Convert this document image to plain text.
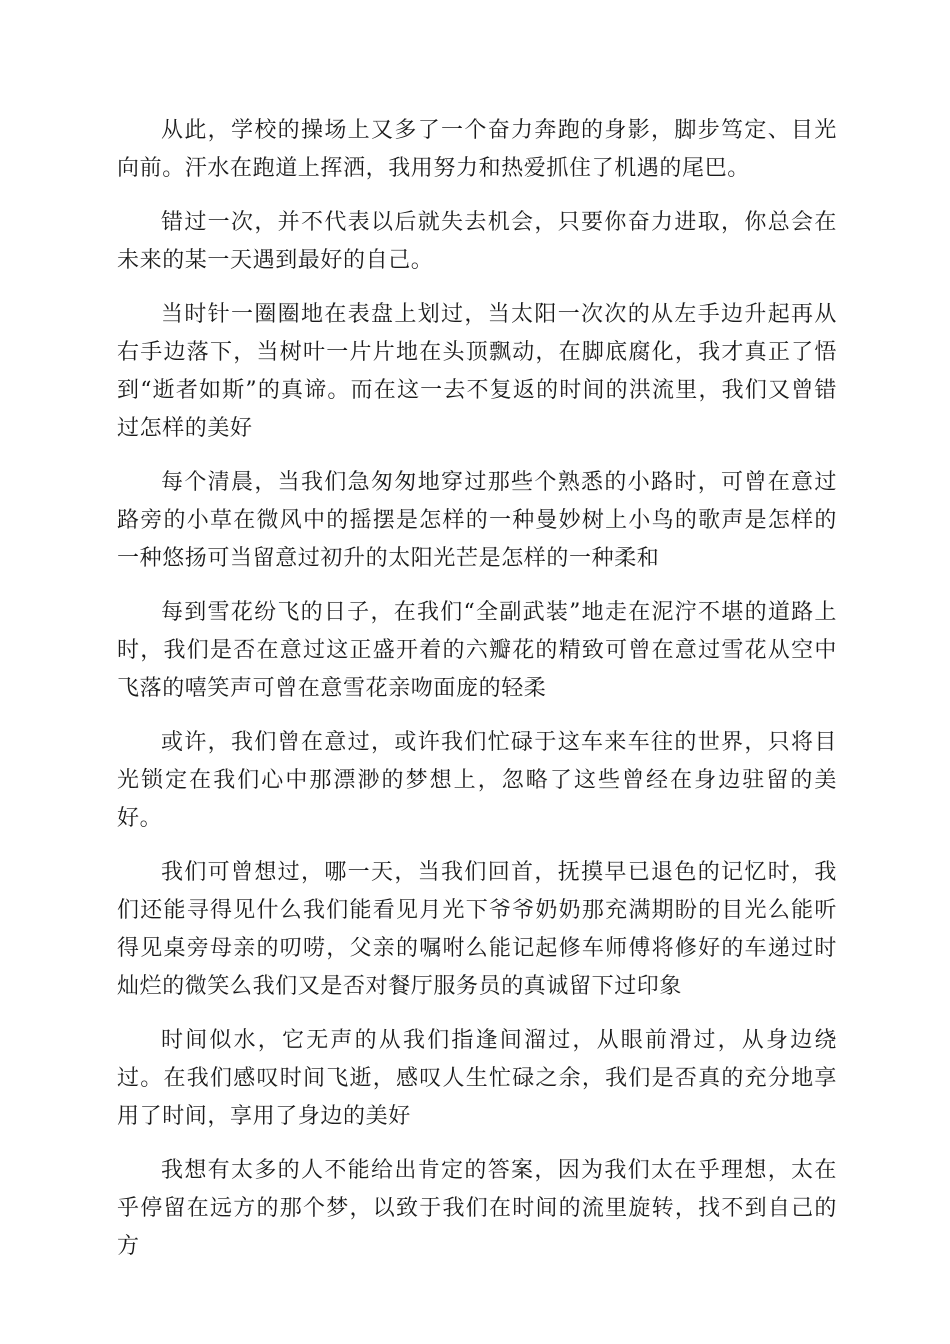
从此，学校的操场上又多了一个奋力奔跑的身影，脚步笃定、目光向前。汗水在跑道上挥洒，我用努力和热爱抓住了机遇的尾巴。

错过一次，并不代表以后就失去机会，只要你奋力进取，你总会在未来的某一天遇到最好的自己。

当时针一圈圈地在表盘上划过，当太阳一次次的从左手边升起再从右手边落下，当树叶一片片地在头顶飘动，在脚底腐化，我才真正了悟到“逝者如斯”的真谛。而在这一去不复返的时间的洪流里，我们又曾错过怎样的美好

每个清晨，当我们急匆匆地穿过那些个熟悉的小路时，可曾在意过路旁的小草在微风中的摇摆是怎样的一种曼妙树上小鸟的歌声是怎样的一种悠扬可当留意过初升的太阳光芒是怎样的一种柔和

每到雪花纷飞的日子，在我们“全副武装”地走在泥泞不堪的道路上时，我们是否在意过这正盛开着的六瓣花的精致可曾在意过雪花从空中飞落的嘻笑声可曾在意雪花亲吻面庞的轻柔

或许，我们曾在意过，或许我们忙碌于这车来车往的世界，只将目光锁定在我们心中那漂渺的梦想上，忽略了这些曾经在身边驻留的美好。

我们可曾想过，哪一天，当我们回首，抚摸早已退色的记忆时，我们还能寻得见什么我们能看见月光下爷爷奶奶那充满期盼的目光么能听得见桌旁母亲的叨唠，父亲的嘱咐么能记起修车师傅将修好的车递过时灿烂的微笑么我们又是否对餐厅服务员的真诚留下过印象

时间似水，它无声的从我们指逢间溜过，从眼前滑过，从身边绕过。在我们感叹时间飞逝，感叹人生忙碌之余，我们是否真的充分地享用了时间，享用了身边的美好

我想有太多的人不能给出肯定的答案，因为我们太在乎理想，太在乎停留在远方的那个梦，以致于我们在时间的流里旋转，找不到自己的方
